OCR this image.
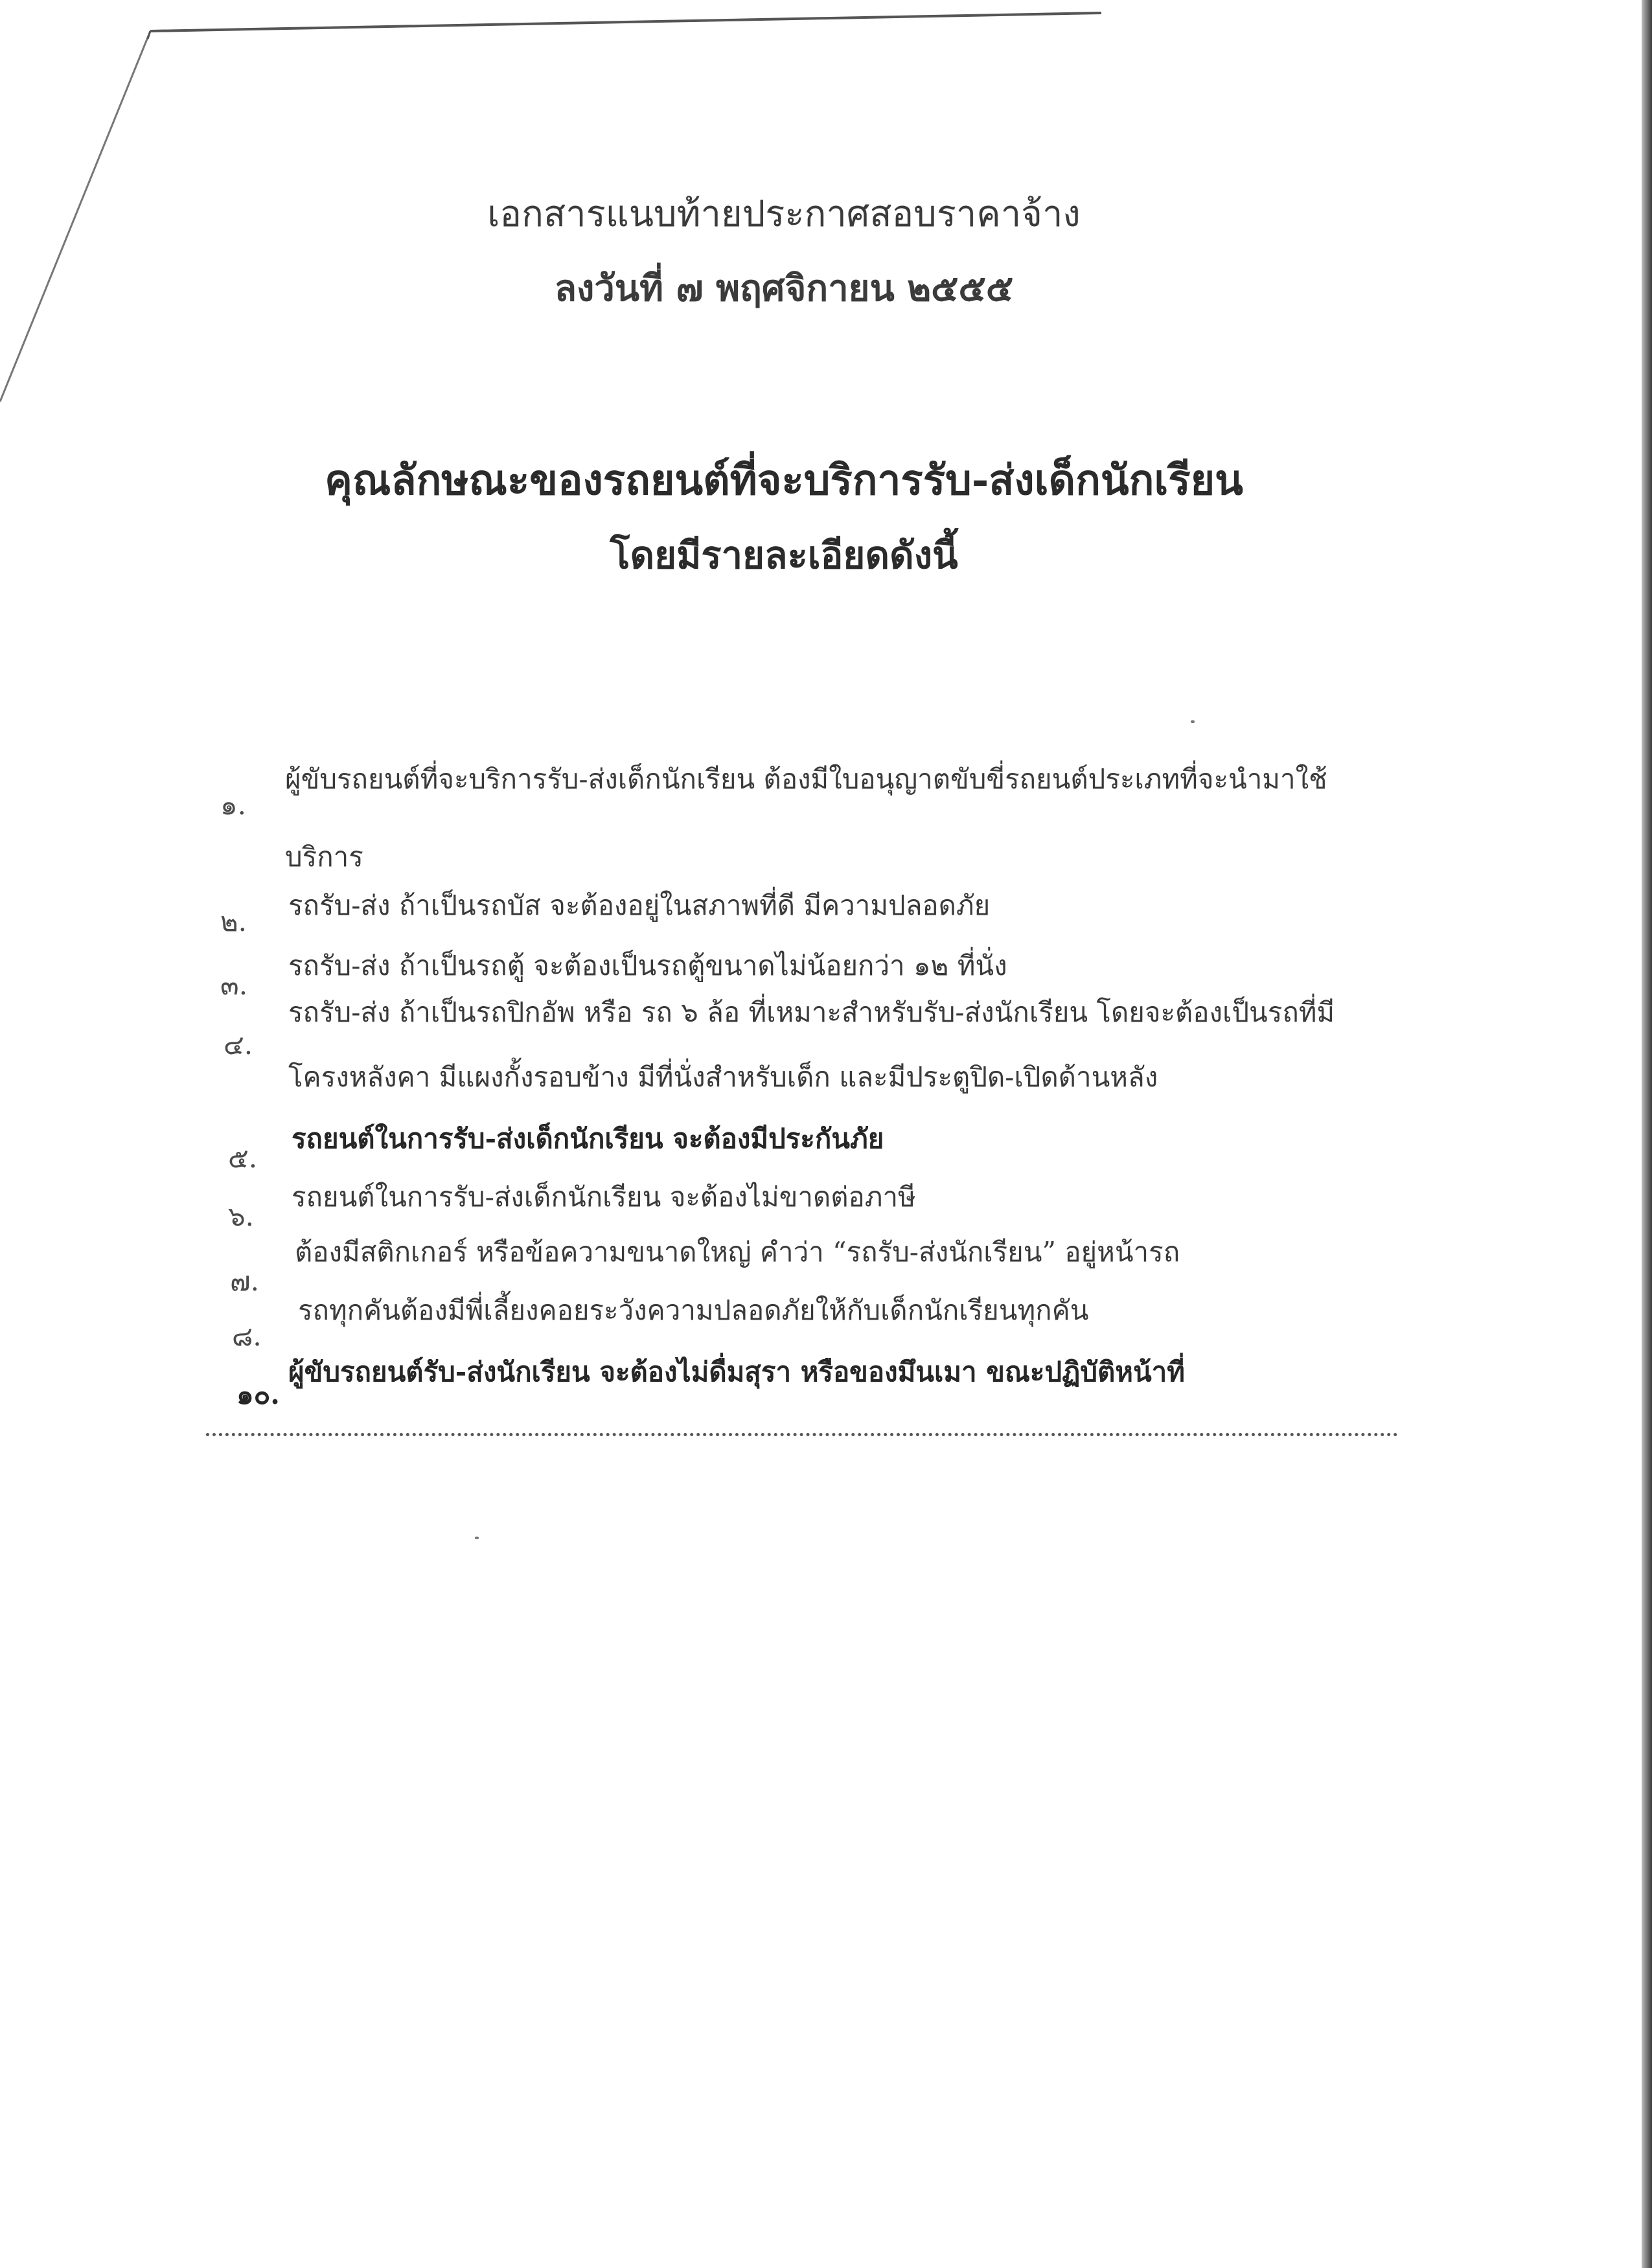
เอกสารแนบท้ายประกาศสอบราคาจ้าง
ลงวันที่ ๗ พฤศจิกายน ๒๕๕๕
คุณลักษณะของรถยนต์ที่จะบริการรับ-ส่งเด็กนักเรียน
โดยมีรายละเอียดดังนี้
๑.
ผู้ขับรถยนต์ที่จะบริการรับ-ส่งเด็กนักเรียน ต้องมีใบอนุญาตขับขี่รถยนต์ประเภทที่จะนำมาใช้
บริการ
๒.
รถรับ-ส่ง ถ้าเป็นรถบัส จะต้องอยู่ในสภาพที่ดี มีความปลอดภัย
๓.
รถรับ-ส่ง ถ้าเป็นรถตู้ จะต้องเป็นรถตู้ขนาดไม่น้อยกว่า ๑๒ ที่นั่ง
๔.
รถรับ-ส่ง ถ้าเป็นรถปิกอัพ หรือ รถ ๖ ล้อ ที่เหมาะสำหรับรับ-ส่งนักเรียน โดยจะต้องเป็นรถที่มี
โครงหลังคา มีแผงกั้งรอบข้าง มีที่นั่งสำหรับเด็ก และมีประตูปิด-เปิดด้านหลัง
๕.
รถยนต์ในการรับ-ส่งเด็กนักเรียน จะต้องมีประกันภัย
๖.
รถยนต์ในการรับ-ส่งเด็กนักเรียน จะต้องไม่ขาดต่อภาษี
๗.
ต้องมีสติกเกอร์ หรือข้อความขนาดใหญ่ คำว่า “รถรับ-ส่งนักเรียน” อยู่หน้ารถ
๘.
รถทุกคันต้องมีพี่เลี้ยงคอยระวังความปลอดภัยให้กับเด็กนักเรียนทุกคัน
๑๐.
ผู้ขับรถยนต์รับ-ส่งนักเรียน จะต้องไม่ดื่มสุรา หรือของมึนเมา ขณะปฏิบัติหน้าที่
